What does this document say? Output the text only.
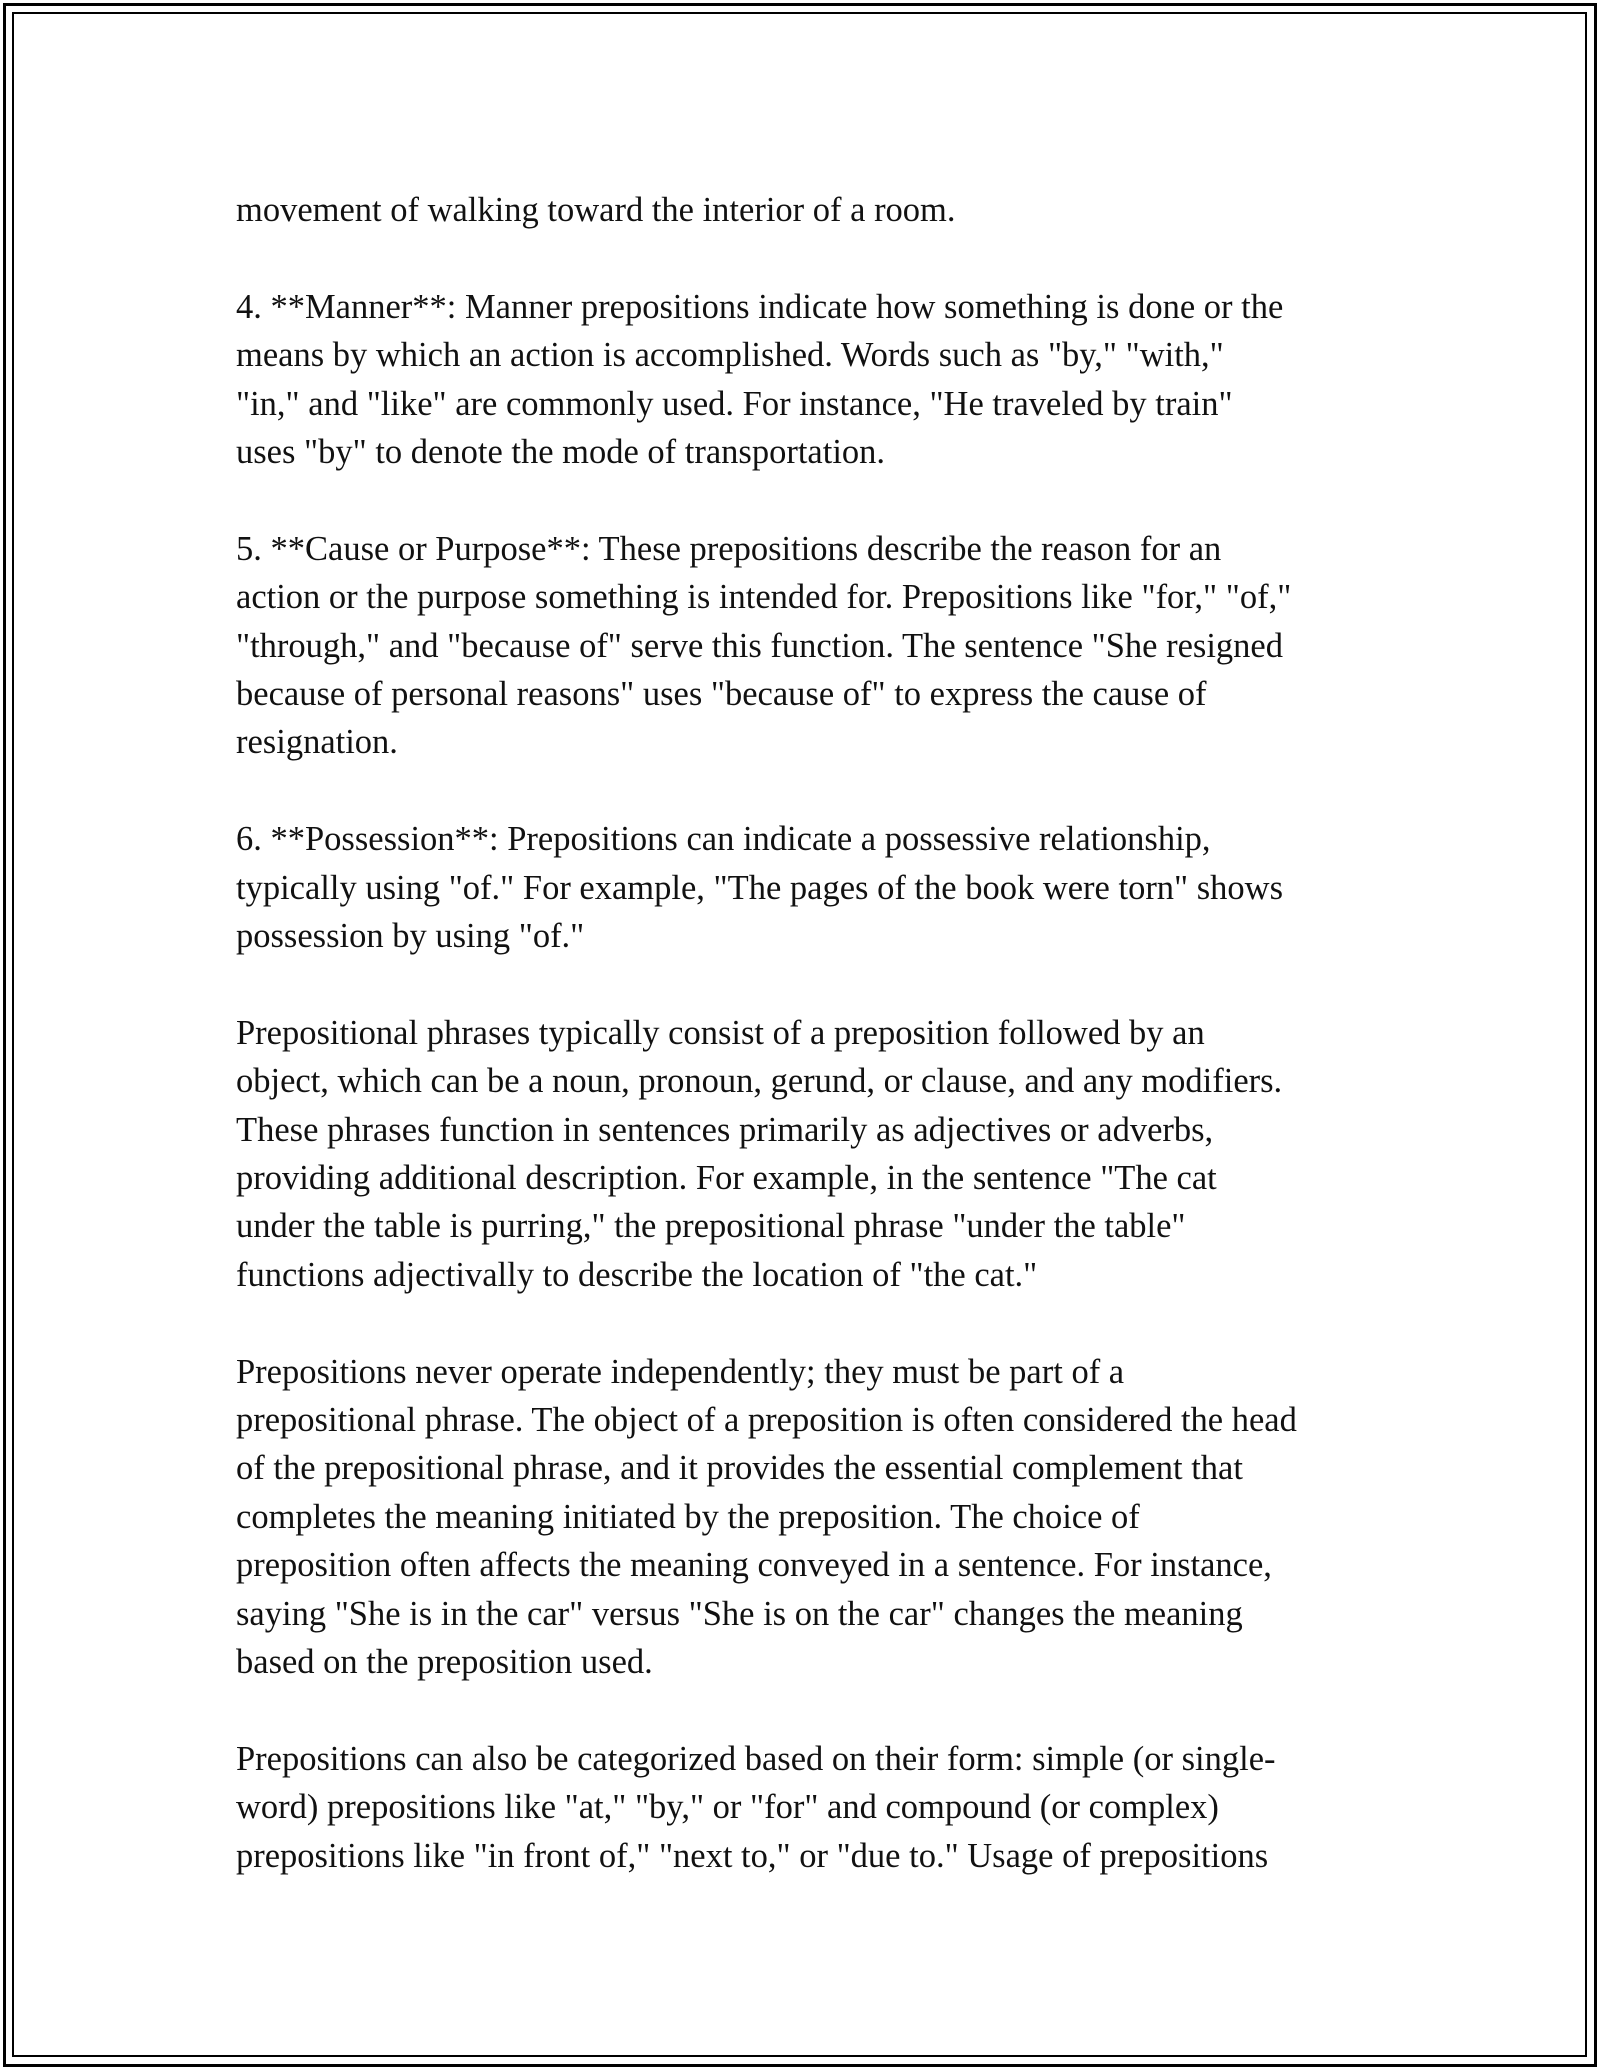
movement of walking toward the interior of a room.

4. **Manner**: Manner prepositions indicate how something is done or the
means by which an action is accomplished. Words such as "by," "with,"
"in," and "like" are commonly used. For instance, "He traveled by train"
uses "by" to denote the mode of transportation.

5. **Cause or Purpose**: These prepositions describe the reason for an
action or the purpose something is intended for. Prepositions like "for," "of,"
"through," and "because of" serve this function. The sentence "She resigned
because of personal reasons" uses "because of" to express the cause of
resignation.

6. **Possession**: Prepositions can indicate a possessive relationship,
typically using "of." For example, "The pages of the book were torn" shows
possession by using "of."

Prepositional phrases typically consist of a preposition followed by an
object, which can be a noun, pronoun, gerund, or clause, and any modifiers.
These phrases function in sentences primarily as adjectives or adverbs,
providing additional description. For example, in the sentence "The cat
under the table is purring," the prepositional phrase "under the table"
functions adjectivally to describe the location of "the cat."

Prepositions never operate independently; they must be part of a
prepositional phrase. The object of a preposition is often considered the head
of the prepositional phrase, and it provides the essential complement that
completes the meaning initiated by the preposition. The choice of
preposition often affects the meaning conveyed in a sentence. For instance,
saying "She is in the car" versus "She is on the car" changes the meaning
based on the preposition used.

Prepositions can also be categorized based on their form: simple (or single-
word) prepositions like "at," "by," or "for" and compound (or complex)
prepositions like "in front of," "next to," or "due to." Usage of prepositions
